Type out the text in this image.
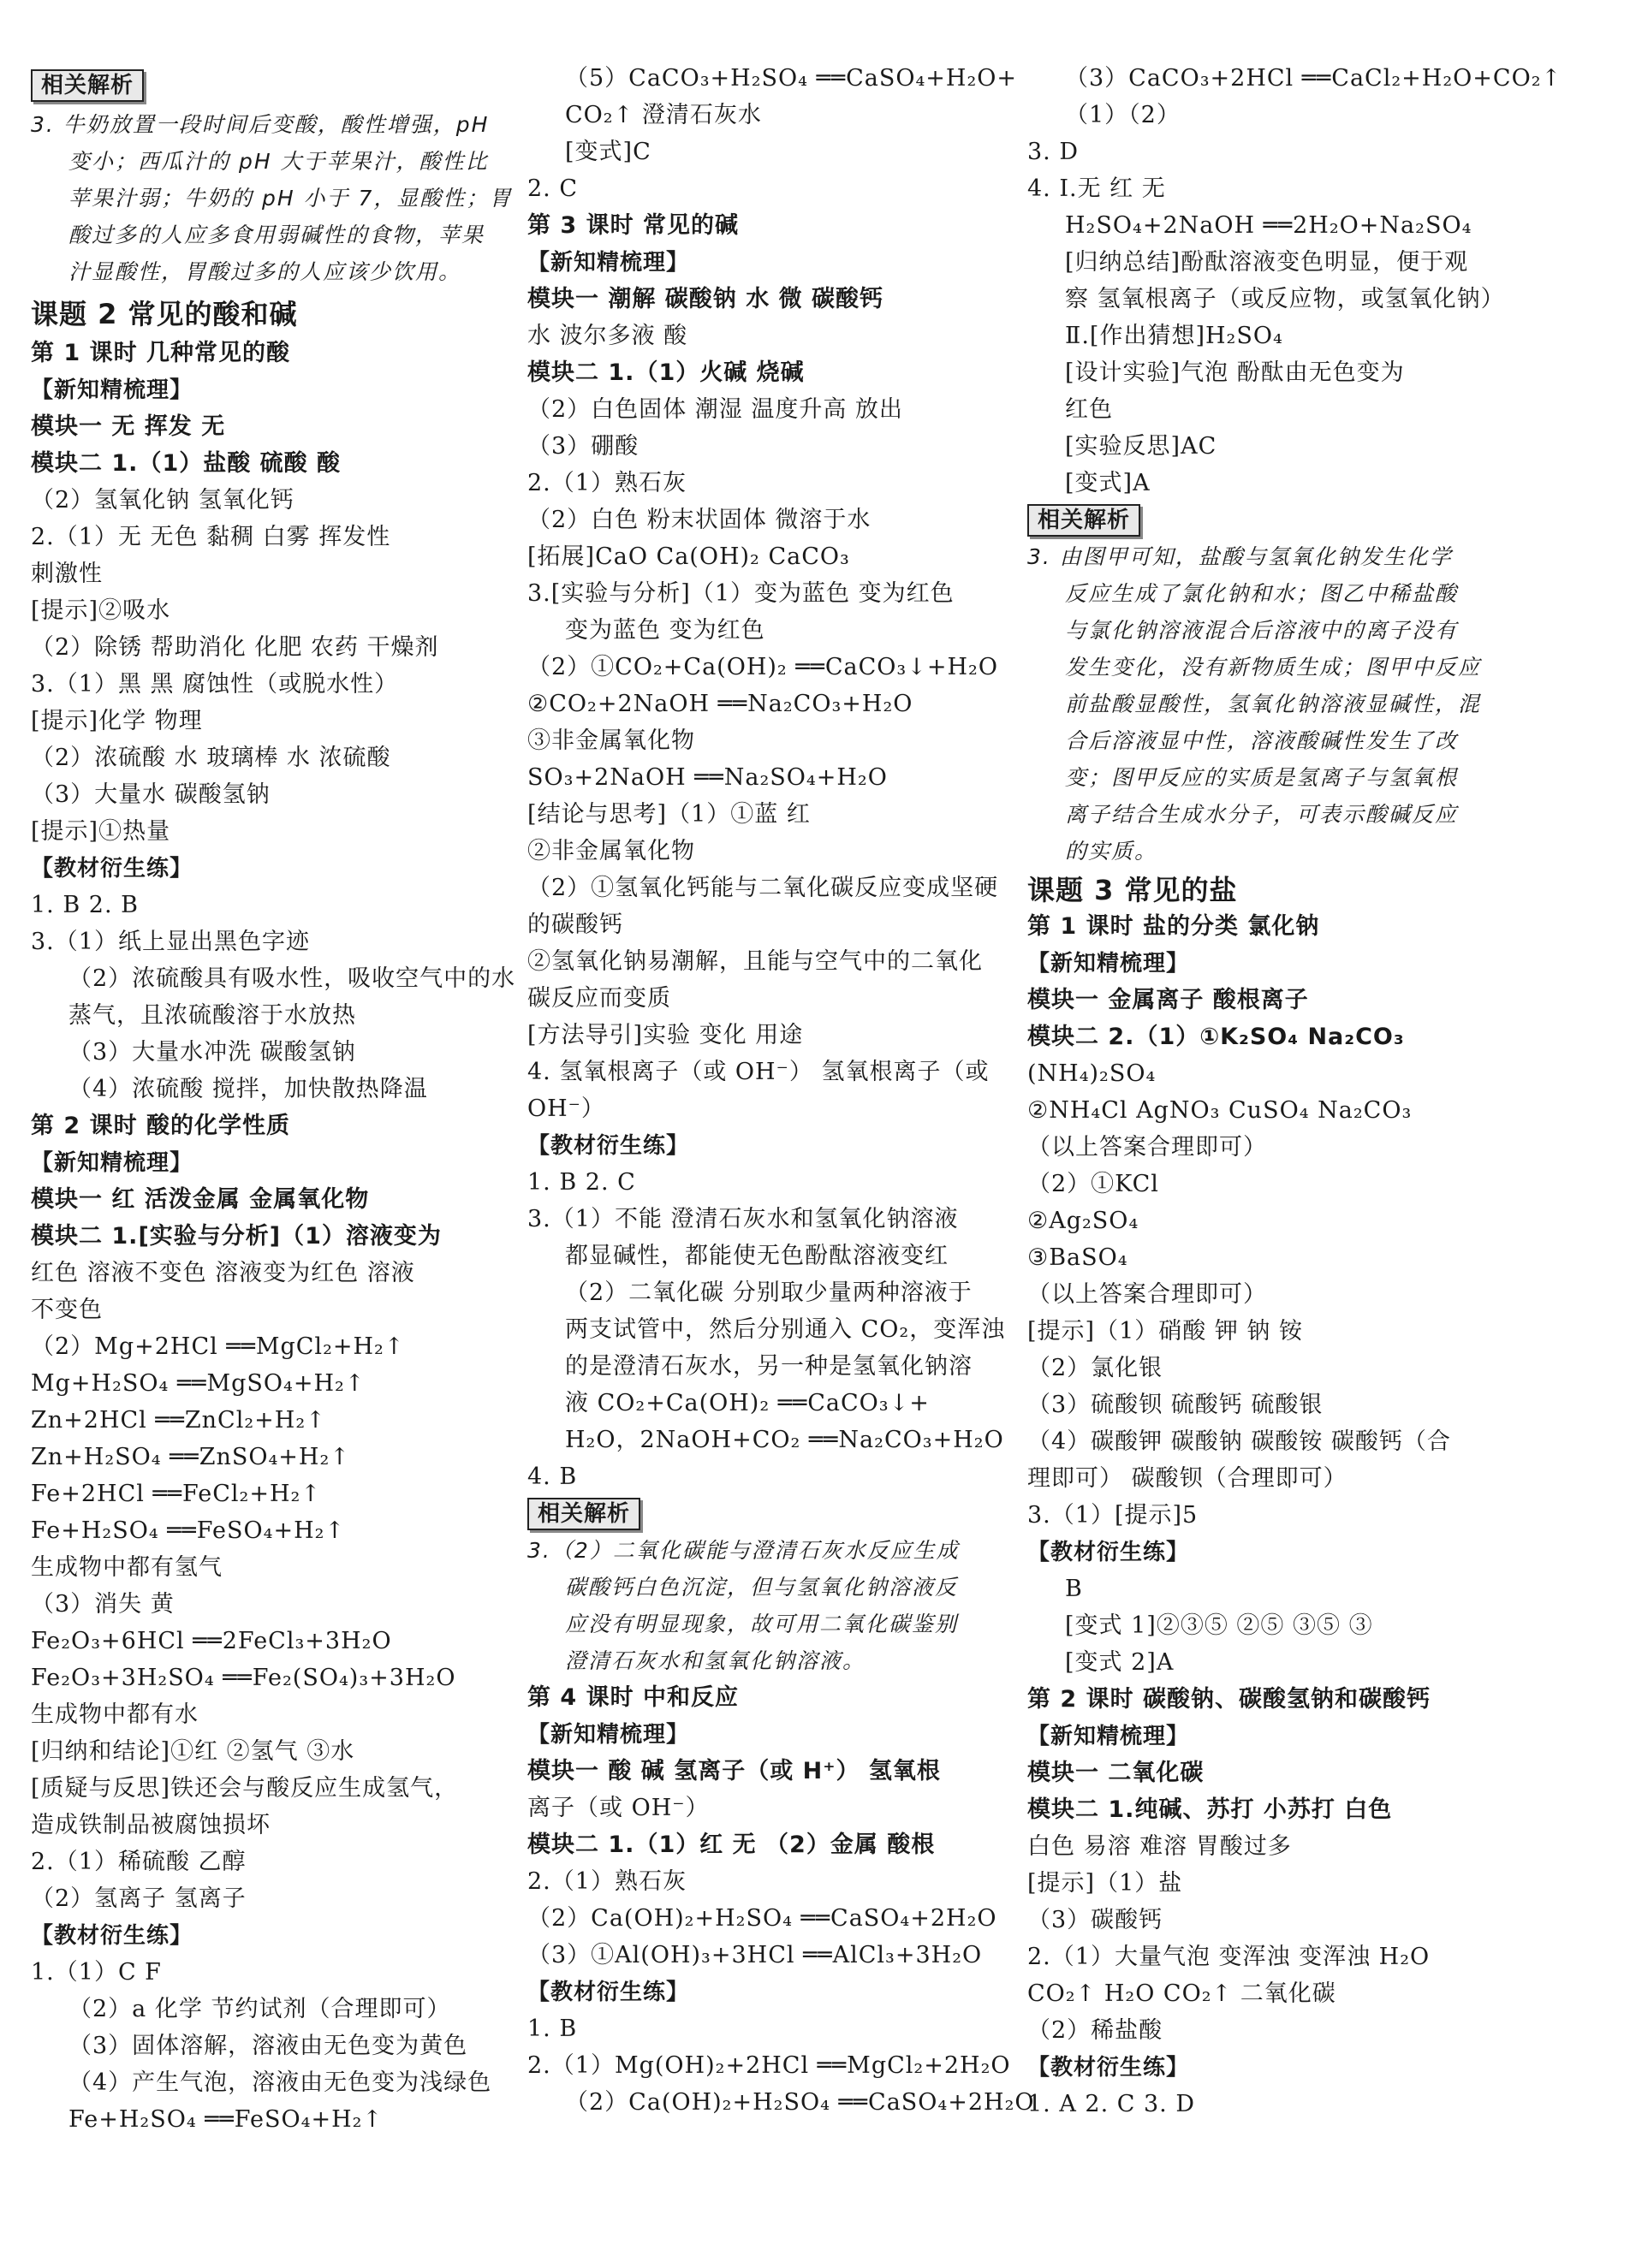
相关解析
3. 牛奶放置一段时间后变酸，酸性增强，pH
变小；西瓜汁的 pH 大于苹果汁，酸性比
苹果汁弱；牛奶的 pH 小于 7，显酸性；胃
酸过多的人应多食用弱碱性的食物，苹果
汁显酸性，胃酸过多的人应该少饮用。
课题 2 常见的酸和碱
第 1 课时 几种常见的酸
【新知精梳理】
模块一 无 挥发 无
模块二 1.（1）盐酸 硫酸 酸
（2）氢氧化钠 氢氧化钙
2.（1）无 无色 黏稠 白雾 挥发性
刺激性
[提示]②吸水
（2）除锈 帮助消化 化肥 农药 干燥剂
3.（1）黑 黑 腐蚀性（或脱水性）
[提示]化学 物理
（2）浓硫酸 水 玻璃棒 水 浓硫酸
（3）大量水 碳酸氢钠
[提示]①热量
【教材衍生练】
1. B 2. B
3.（1）纸上显出黑色字迹
（2）浓硫酸具有吸水性，吸收空气中的水
蒸气，且浓硫酸溶于水放热
（3）大量水冲洗 碳酸氢钠
（4）浓硫酸 搅拌，加快散热降温
第 2 课时 酸的化学性质
【新知精梳理】
模块一 红 活泼金属 金属氧化物
模块二 1.[实验与分析]（1）溶液变为
红色 溶液不变色 溶液变为红色 溶液
不变色
（2）Mg+2HCl ══MgCl₂+H₂↑
Mg+H₂SO₄ ══MgSO₄+H₂↑
Zn+2HCl ══ZnCl₂+H₂↑
Zn+H₂SO₄ ══ZnSO₄+H₂↑
Fe+2HCl ══FeCl₂+H₂↑
Fe+H₂SO₄ ══FeSO₄+H₂↑
生成物中都有氢气
（3）消失 黄
Fe₂O₃+6HCl ══2FeCl₃+3H₂O
Fe₂O₃+3H₂SO₄ ══Fe₂(SO₄)₃+3H₂O
生成物中都有水
[归纳和结论]①红 ②氢气 ③水
[质疑与反思]铁还会与酸反应生成氢气，
造成铁制品被腐蚀损坏
2.（1）稀硫酸 乙醇
（2）氢离子 氢离子
【教材衍生练】
1.（1）C F
（2）a 化学 节约试剂（合理即可）
（3）固体溶解，溶液由无色变为黄色
（4）产生气泡，溶液由无色变为浅绿色
Fe+H₂SO₄ ══FeSO₄+H₂↑
（5）CaCO₃+H₂SO₄ ══CaSO₄+H₂O+
CO₂↑ 澄清石灰水
[变式]C
2. C
第 3 课时 常见的碱
【新知精梳理】
模块一 潮解 碳酸钠 水 微 碳酸钙
水 波尔多液 酸
模块二 1.（1）火碱 烧碱
（2）白色固体 潮湿 温度升高 放出
（3）硼酸
2.（1）熟石灰
（2）白色 粉末状固体 微溶于水
[拓展]CaO Ca(OH)₂ CaCO₃
3.[实验与分析]（1）变为蓝色 变为红色
变为蓝色 变为红色
（2）①CO₂+Ca(OH)₂ ══CaCO₃↓+H₂O
②CO₂+2NaOH ══Na₂CO₃+H₂O
③非金属氧化物
SO₃+2NaOH ══Na₂SO₄+H₂O
[结论与思考]（1）①蓝 红
②非金属氧化物
（2）①氢氧化钙能与二氧化碳反应变成坚硬
的碳酸钙
②氢氧化钠易潮解，且能与空气中的二氧化
碳反应而变质
[方法导引]实验 变化 用途
4. 氢氧根离子（或 OH⁻） 氢氧根离子（或
OH⁻）
【教材衍生练】
1. B 2. C
3.（1）不能 澄清石灰水和氢氧化钠溶液
都显碱性，都能使无色酚酞溶液变红
（2）二氧化碳 分别取少量两种溶液于
两支试管中，然后分别通入 CO₂，变浑浊
的是澄清石灰水，另一种是氢氧化钠溶
液 CO₂+Ca(OH)₂ ══CaCO₃↓+
H₂O，2NaOH+CO₂ ══Na₂CO₃+H₂O
4. B
相关解析
3.（2）二氧化碳能与澄清石灰水反应生成
碳酸钙白色沉淀，但与氢氧化钠溶液反
应没有明显现象，故可用二氧化碳鉴别
澄清石灰水和氢氧化钠溶液。
第 4 课时 中和反应
【新知精梳理】
模块一 酸 碱 氢离子（或 H⁺） 氢氧根
离子（或 OH⁻）
模块二 1.（1）红 无 （2）金属 酸根
2.（1）熟石灰
（2）Ca(OH)₂+H₂SO₄ ══CaSO₄+2H₂O
（3）①Al(OH)₃+3HCl ══AlCl₃+3H₂O
【教材衍生练】
1. B
2.（1）Mg(OH)₂+2HCl ══MgCl₂+2H₂O
（2）Ca(OH)₂+H₂SO₄ ══CaSO₄+2H₂O
（3）CaCO₃+2HCl ══CaCl₂+H₂O+CO₂↑
（1）（2）
3. D
4. Ⅰ.无 红 无
H₂SO₄+2NaOH ══2H₂O+Na₂SO₄
[归纳总结]酚酞溶液变色明显，便于观
察 氢氧根离子（或反应物，或氢氧化钠）
Ⅱ.[作出猜想]H₂SO₄
[设计实验]气泡 酚酞由无色变为
红色
[实验反思]AC
[变式]A
相关解析
3. 由图甲可知，盐酸与氢氧化钠发生化学
反应生成了氯化钠和水；图乙中稀盐酸
与氯化钠溶液混合后溶液中的离子没有
发生变化，没有新物质生成；图甲中反应
前盐酸显酸性，氢氧化钠溶液显碱性，混
合后溶液显中性，溶液酸碱性发生了改
变；图甲反应的实质是氢离子与氢氧根
离子结合生成水分子，可表示酸碱反应
的实质。
课题 3 常见的盐
第 1 课时 盐的分类 氯化钠
【新知精梳理】
模块一 金属离子 酸根离子
模块二 2.（1）①K₂SO₄ Na₂CO₃
(NH₄)₂SO₄
②NH₄Cl AgNO₃ CuSO₄ Na₂CO₃
（以上答案合理即可）
（2）①KCl
②Ag₂SO₄
③BaSO₄
（以上答案合理即可）
[提示]（1）硝酸 钾 钠 铵
（2）氯化银
（3）硫酸钡 硫酸钙 硫酸银
（4）碳酸钾 碳酸钠 碳酸铵 碳酸钙（合
理即可） 碳酸钡（合理即可）
3.（1）[提示]5
【教材衍生练】
B
[变式 1]②③⑤ ②⑤ ③⑤ ③
[变式 2]A
第 2 课时 碳酸钠、碳酸氢钠和碳酸钙
【新知精梳理】
模块一 二氧化碳
模块二 1.纯碱、苏打 小苏打 白色
白色 易溶 难溶 胃酸过多
[提示]（1）盐
（3）碳酸钙
2.（1）大量气泡 变浑浊 变浑浊 H₂O
CO₂↑ H₂O CO₂↑ 二氧化碳
（2）稀盐酸
【教材衍生练】
1. A 2. C 3. D
